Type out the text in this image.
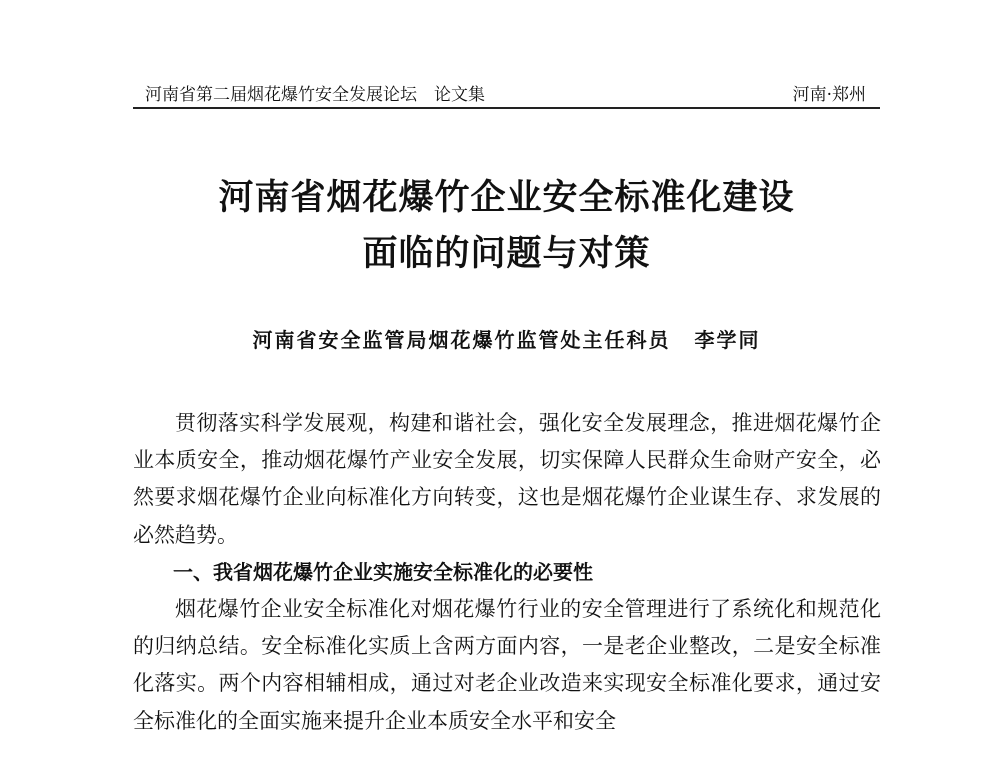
河南省第二届烟花爆竹安全发展论坛　论文集	河南·郑州
河南省烟花爆竹企业安全标准化建设
面临的问题与对策
河南省安全监管局烟花爆竹监管处主任科员 李学同

贯彻落实科学发展观，构建和谐社会，强化安全发展理念，推进烟花爆竹企业本质安全，推动烟花爆竹产业安全发展，切实保障人民群众生命财产安全，必然要求烟花爆竹企业向标准化方向转变，这也是烟花爆竹企业谋生存、求发展的必然趋势。

一、我省烟花爆竹企业实施安全标准化的必要性

烟花爆竹企业安全标准化对烟花爆竹行业的安全管理进行了系统化和规范化的归纳总结。安全标准化实质上含两方面内容，一是老企业整改，二是安全标准化落实。两个内容相辅相成，通过对老企业改造来实现安全标准化要求，通过安全标准化的全面实施来提升企业本质安全水平和安全
